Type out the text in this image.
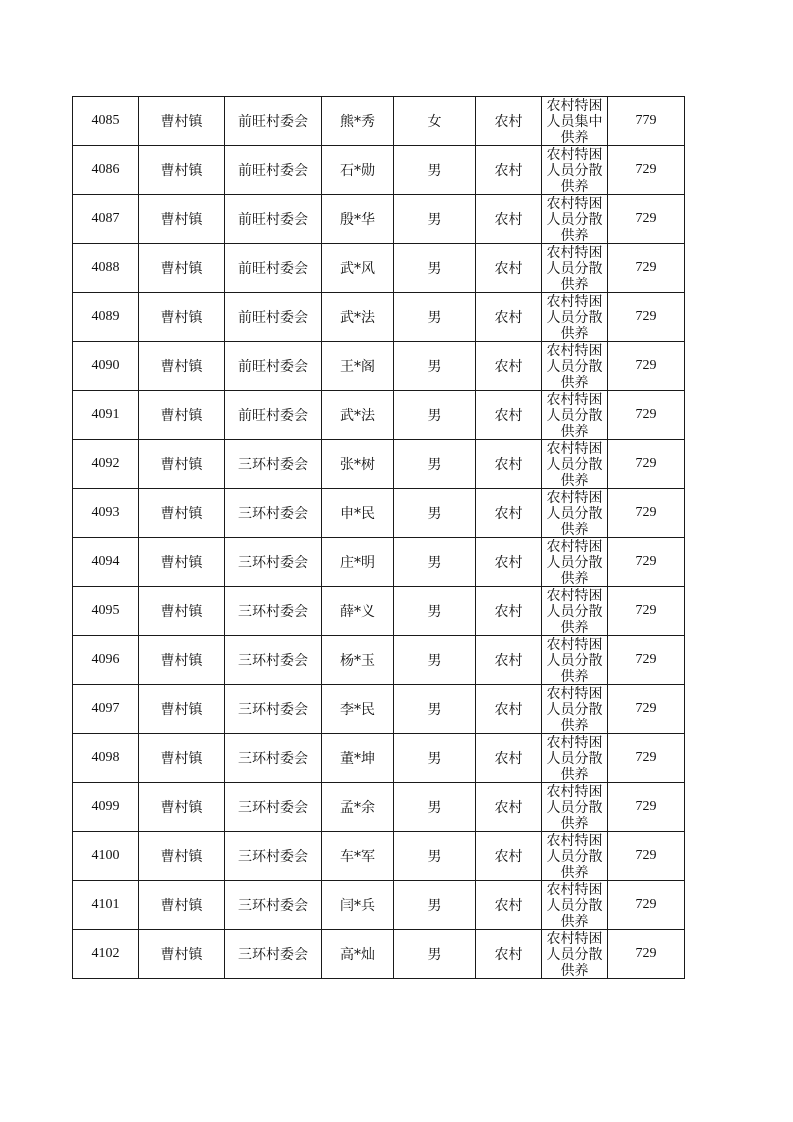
4085	曹村镇	前旺村委会	熊*秀	女	农村	农村特困人员集中供养	779
4086	曹村镇	前旺村委会	石*勋	男	农村	农村特困人员分散供养	729
4087	曹村镇	前旺村委会	殷*华	男	农村	农村特困人员分散供养	729
4088	曹村镇	前旺村委会	武*风	男	农村	农村特困人员分散供养	729
4089	曹村镇	前旺村委会	武*法	男	农村	农村特困人员分散供养	729
4090	曹村镇	前旺村委会	王*阁	男	农村	农村特困人员分散供养	729
4091	曹村镇	前旺村委会	武*法	男	农村	农村特困人员分散供养	729
4092	曹村镇	三环村委会	张*树	男	农村	农村特困人员分散供养	729
4093	曹村镇	三环村委会	申*民	男	农村	农村特困人员分散供养	729
4094	曹村镇	三环村委会	庄*明	男	农村	农村特困人员分散供养	729
4095	曹村镇	三环村委会	薛*义	男	农村	农村特困人员分散供养	729
4096	曹村镇	三环村委会	杨*玉	男	农村	农村特困人员分散供养	729
4097	曹村镇	三环村委会	李*民	男	农村	农村特困人员分散供养	729
4098	曹村镇	三环村委会	董*坤	男	农村	农村特困人员分散供养	729
4099	曹村镇	三环村委会	孟*余	男	农村	农村特困人员分散供养	729
4100	曹村镇	三环村委会	车*军	男	农村	农村特困人员分散供养	729
4101	曹村镇	三环村委会	闫*兵	男	农村	农村特困人员分散供养	729
4102	曹村镇	三环村委会	高*灿	男	农村	农村特困人员分散供养	729
